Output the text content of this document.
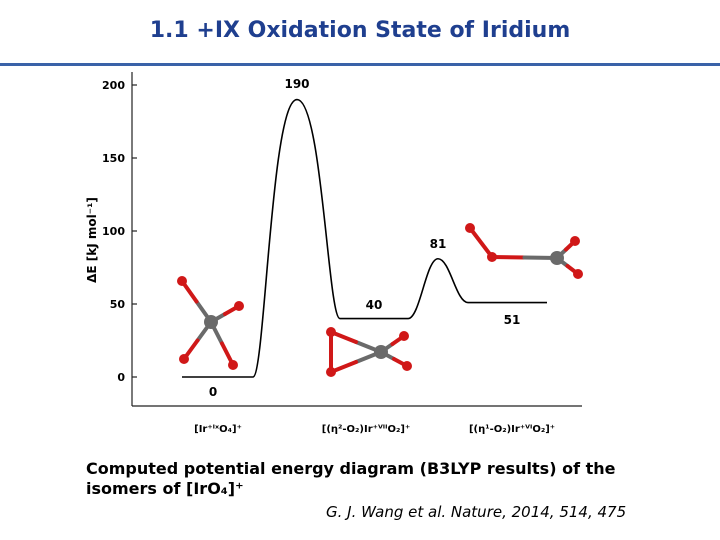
1.1 +IX Oxidation State of Iridium
0
50
100
150
200
ΔE [kJ mol⁻¹]
0
190
40
81
51
[Ir⁺ᴵˣO₄]⁺	[(η²-O₂)Ir⁺ⱽᴵᴵO₂]⁺	[(η¹-O₂)Ir⁺ⱽᴵO₂]⁺
Computed potential energy diagram (B3LYP results) of the isomers of [IrO₄]⁺
G. J. Wang et al. Nature, 2014, 514, 475
